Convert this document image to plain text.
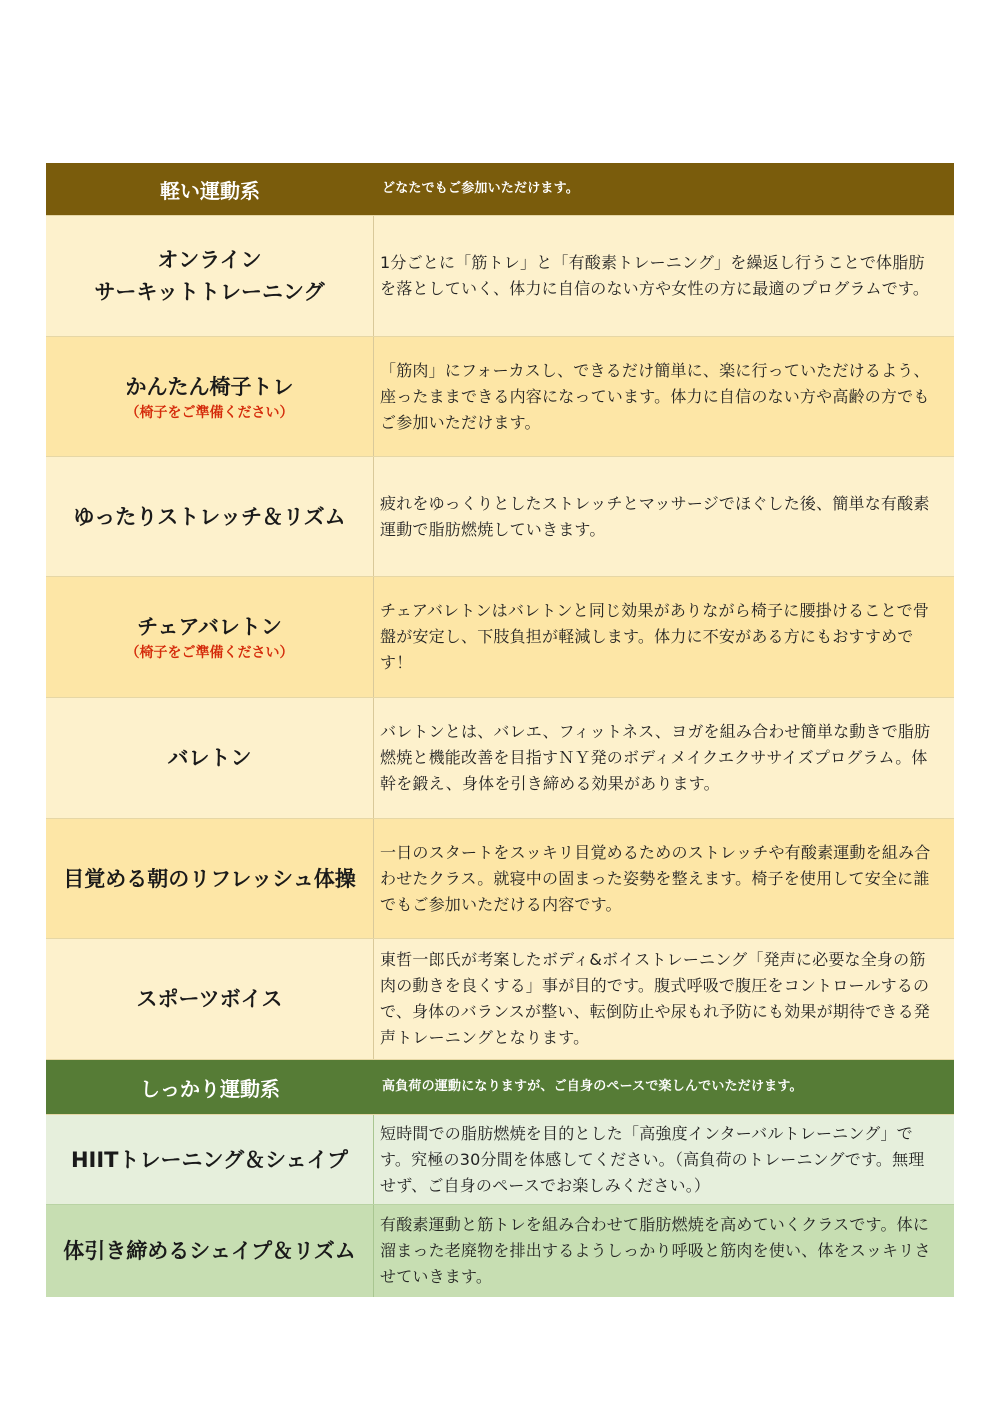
軽い運動系	どなたでもご参加いただけます。
オンライン
サーキットトレーニング
1分ごとに「筋トレ」と「有酸素トレーニング」を繰返し行うことで体脂肪を落としていく、体力に自信のない方や女性の方に最適のプログラムです。
かんたん椅子トレ
（椅子をご準備ください）
「筋肉」にフォーカスし、できるだけ簡単に、楽に行っていただけるよう、座ったまま​できる内容になっています。体力に自信のない方や高齢の方でもご参加いただけます。
ゆったりストレッチ＆リズム
疲れをゆっくりとしたストレッチとマッサージでほぐした後、簡単な有酸素運動で脂肪燃焼していきます。
チェアバレトン
（椅子をご準備ください）
チェアバレトンはバレトンと同じ効果がありながら椅子に腰掛けることで骨盤が安定し、下肢負担が軽減します。体力に不安がある方にもおすすめです！
バレトン
バレトンとは、バレエ、フィットネス、ヨガを組み合わせ簡単な動きで脂肪燃焼と機能改善を目指すＮＹ発のボディメイクエクササイズプログラム。体幹を鍛え、身体を引き締める効果があります。
目覚める朝のリフレッシュ体操
一日のスタートをスッキリ目覚めるためのストレッチや有酸素運動を組み合わせたクラス。就寝中の固まった姿勢を整えます。椅子を使用して安全に誰でもご参加いただける内容です。
スポーツボイス
東哲一郎氏が考案したボディ&ボイストレーニング「発声に必要な全身の筋肉の動きを良くする」事が目的です。腹式呼吸で腹圧をコントロールするので、身体のバランスが整い、転倒防止や尿もれ予防にも効果が期待できる発声トレーニングとなります。
しっかり運動系	高負荷の運動になりますが、ご自身のペースで楽しんでいただけます。
HIITトレーニング＆シェイプ
短時間での脂肪燃焼を目的とした「高強度インターバルトレーニング」です。究極の30分間を体感してください。（高負荷のトレーニングです。無理せず、ご自身のペースでお楽しみください。）
体引き締めるシェイプ＆リズム
有酸素運動と筋トレを組み合わせて脂肪燃焼を高めていくクラスです。体に溜まった老廃物を排出するようしっかり呼吸と筋肉を使い、体をスッキリさせていきます。
